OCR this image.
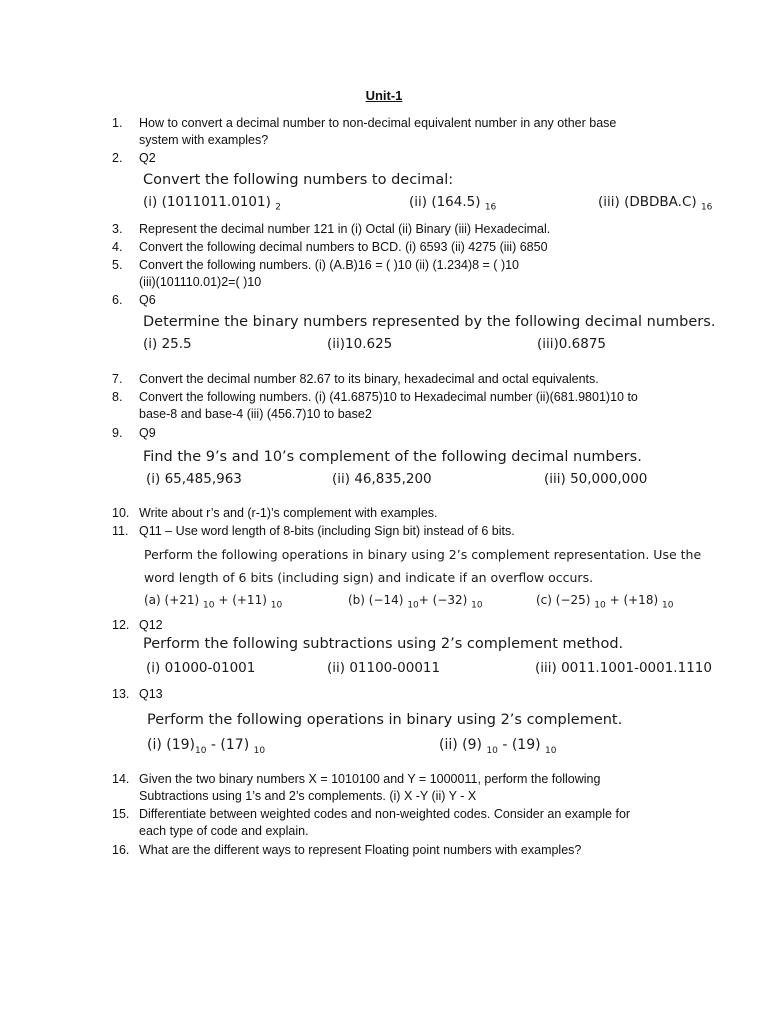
Unit-1
1.	How to convert a decimal number to non-decimal equivalent number in any other base
system with examples?
2.	Q2
Convert the following numbers to decimal:
(i) (1011011.0101) $_2$	(ii) (164.5) $_{16}$	(iii) (DBDBA.C) $_{16}$
3.	Represent the decimal number 121 in (i) Octal (ii) Binary (iii) Hexadecimal.
4.	Convert the following decimal numbers to BCD. (i) 6593 (ii) 4275 (iii) 6850
5.	Convert the following numbers. (i) (A.B)16 = ( )10 (ii) (1.234)8 = ( )10
(iii)(101110.01)2=( )10
6.	Q6
Determine the binary numbers represented by the following decimal numbers.
(i) 25.5	(ii)10.625	(iii)0.6875
7.	Convert the decimal number 82.67 to its binary, hexadecimal and octal equivalents.
8.	Convert the following numbers. (i) (41.6875)10 to Hexadecimal number (ii)(681.9801)10 to
base-8 and base-4 (iii) (456.7)10 to base2
9.	Q9
Find the 9’s and 10’s complement of the following decimal numbers.
(i) 65,485,963	(ii) 46,835,200	(iii) 50,000,000
10. Write about r’s and (r-1)’s complement with examples.
11. Q11 – Use word length of 8-bits (including Sign bit) instead of 6 bits.
Perform the following operations in binary using 2’s complement representation. Use the
word length of 6 bits (including sign) and indicate if an overflow occurs.
(a) (+21) $_{10}$ + (+11) $_{10}$	(b) (−14) $_{10}$+ (−32) $_{10}$	(c) (−25) $_{10}$ + (+18) $_{10}$
12. Q12
Perform the following subtractions using 2’s complement method.
(i) 01000-01001	(ii) 01100-00011	(iii) 0011.1001-0001.1110
13. Q13
Perform the following operations in binary using 2’s complement.
(i) $(19)_{10} - (17)$ $_{10}$	(ii) (9) $_{10}$ - (19) $_{10}$
14. Given the two binary numbers X = 1010100 and Y = 1000011, perform the following
Subtractions using 1’s and 2’s complements. (i) X -Y (ii) Y - X
15. Differentiate between weighted codes and non-weighted codes. Consider an example for
each type of code and explain.
16. What are the different ways to represent Floating point numbers with examples?
